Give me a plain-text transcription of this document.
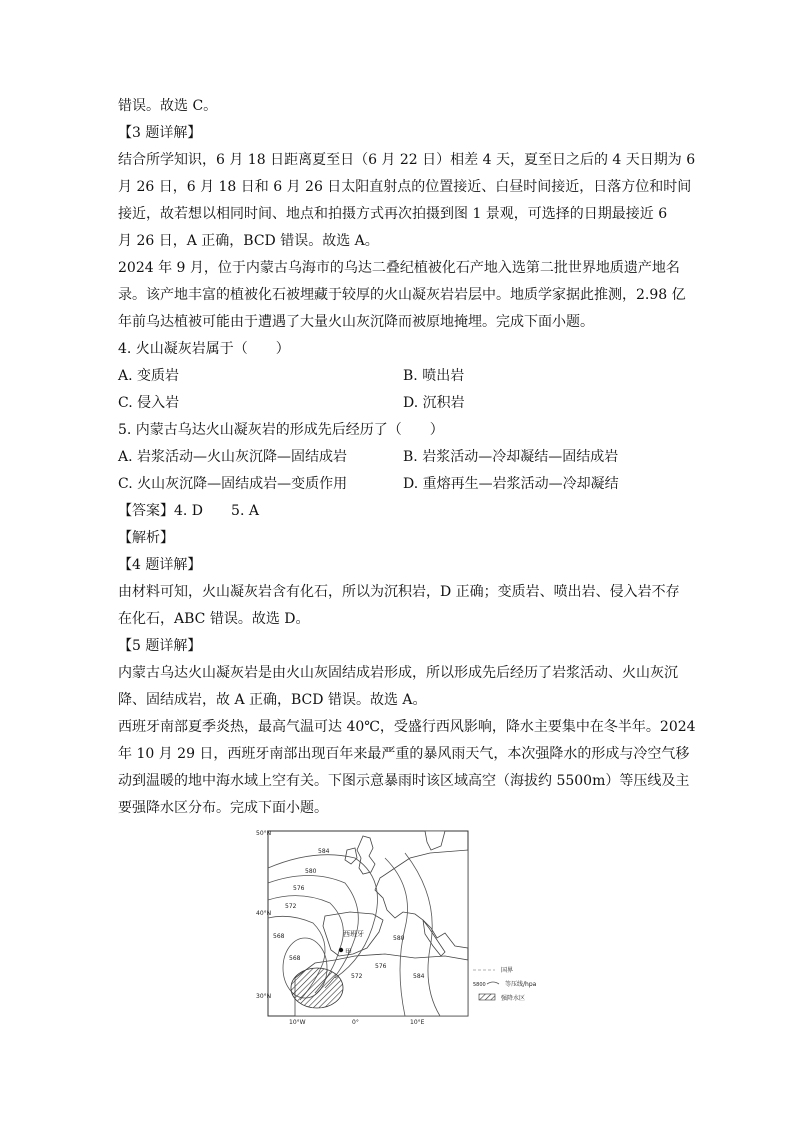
错误。故选 C。
【3 题详解】
结合所学知识，6 月 18 日距离夏至日（6 月 22 日）相差 4 天，夏至日之后的 4 天日期为 6
月 26 日，6 月 18 日和 6 月 26 日太阳直射点的位置接近、白昼时间接近，日落方位和时间
接近，故若想以相同时间、地点和拍摄方式再次拍摄到图 1 景观，可选择的日期最接近 6
月 26 日，A 正确，BCD 错误。故选 A。
2024 年 9 月，位于内蒙古乌海市的乌达二叠纪植被化石产地入选第二批世界地质遗产地名
录。该产地丰富的植被化石被埋藏于较厚的火山凝灰岩岩层中。地质学家据此推测，2.98 亿
年前乌达植被可能由于遭遇了大量火山灰沉降而被原地掩埋。完成下面小题。
4. 火山凝灰岩属于（　　）
A. 变质岩	B. 喷出岩
C. 侵入岩	D. 沉积岩
5. 内蒙古乌达火山凝灰岩的形成先后经历了（　　）
A. 岩浆活动—火山灰沉降—固结成岩	B. 岩浆活动—冷却凝结—固结成岩
C. 火山灰沉降—固结成岩—变质作用	D. 重熔再生—岩浆活动—冷却凝结
【答案】4. D　　5. A
【解析】
【4 题详解】
由材料可知，火山凝灰岩含有化石，所以为沉积岩，D 正确；变质岩、喷出岩、侵入岩不存
在化石，ABC 错误。故选 D。
【5 题详解】
内蒙古乌达火山凝灰岩是由火山灰固结成岩形成，所以形成先后经历了岩浆活动、火山灰沉
降、固结成岩，故 A 正确，BCD 错误。故选 A。
西班牙南部夏季炎热，最高气温可达 40℃，受盛行西风影响，降水主要集中在冬半年。2024
年 10 月 29 日，西班牙南部出现百年来最严重的暴风雨天气，本次强降水的形成与冷空气移
动到温暖的地中海水域上空有关。下图示意暴雨时该区域高空（海拔约 5500m）等压线及主
要强降水区分布。完成下面小题。
50°N
40°N
30°N
10°W	0°	10°E
584
580
576
572
568
568
572
576
580
584
西班牙
甲
国界
5800	等压线/hpa
强降水区
